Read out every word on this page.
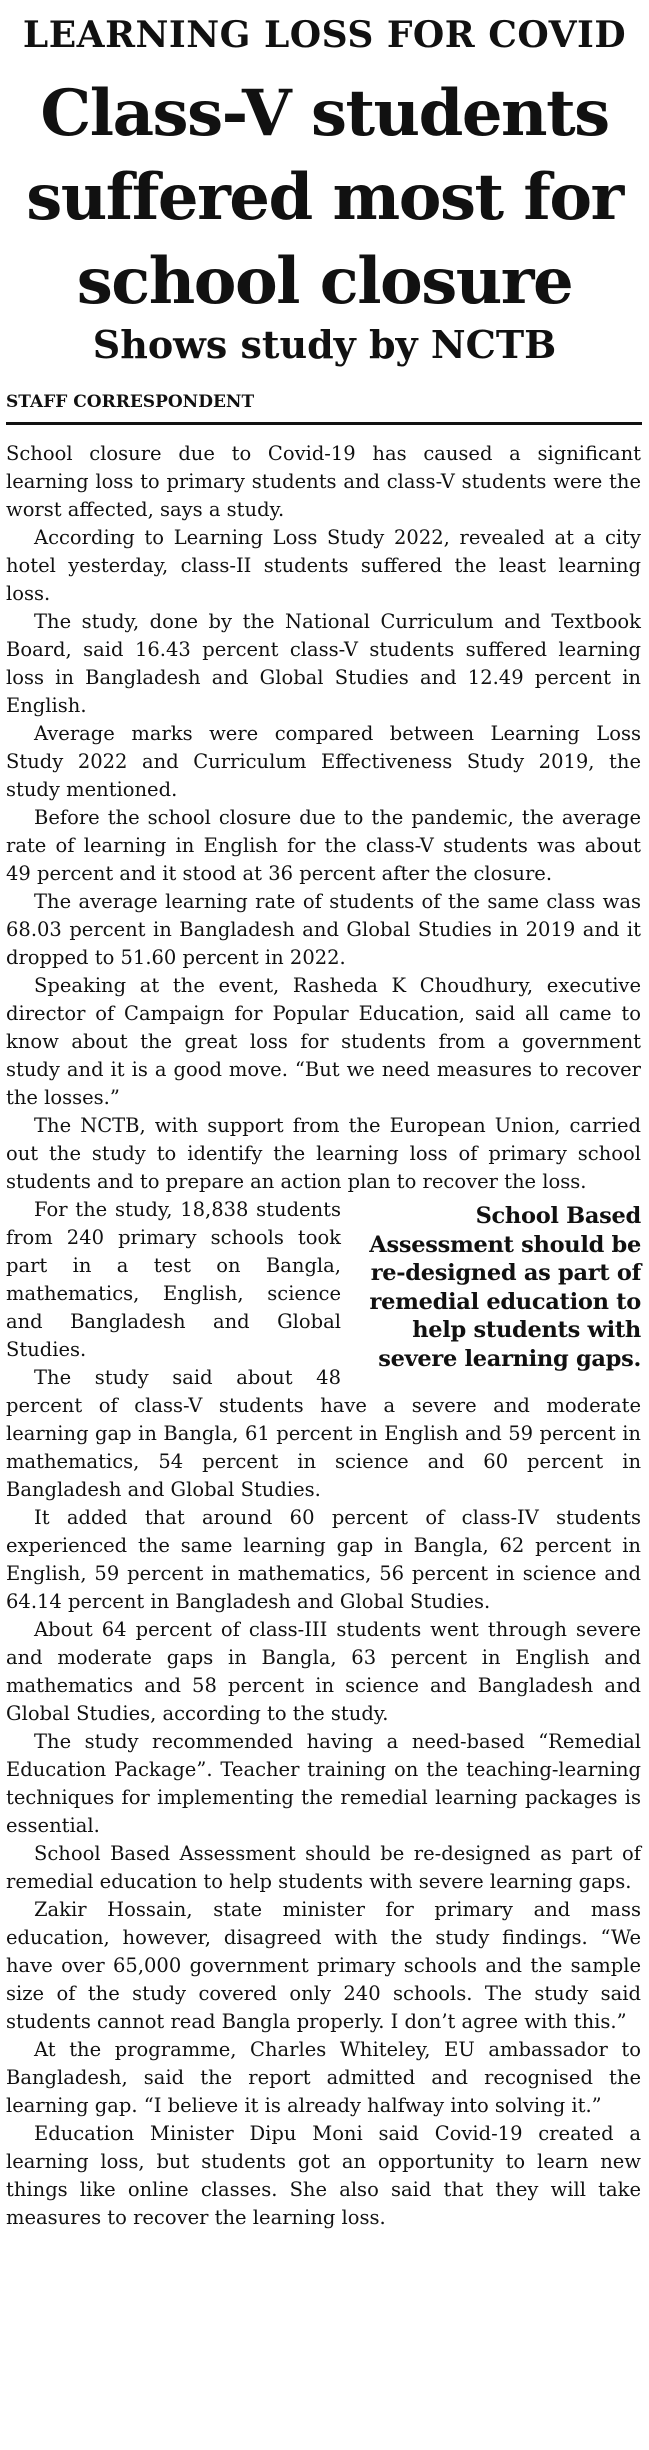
LEARNING LOSS FOR COVID
Class-V students suffered most for school closure
Shows study by NCTB
STAFF CORRESPONDENT

School closure due to Covid-19 has caused a significant learning loss to primary students and class-V students were the worst affected, says a study.

According to Learning Loss Study 2022, revealed at a city hotel yesterday, class-II students suffered the least learning loss.

The study, done by the National Curriculum and Textbook Board, said 16.43 percent class-V students suffered learning loss in Bangladesh and Global Studies and 12.49 percent in English.

Average marks were compared between Learning Loss Study 2022 and Curriculum Effectiveness Study 2019, the study mentioned.

Before the school closure due to the pandemic, the average rate of learning in English for the class-V students was about 49 percent and it stood at 36 percent after the closure.

The average learning rate of students of the same class was 68.03 percent in Bangladesh and Global Studies in 2019 and it dropped to 51.60 percent in 2022.

Speaking at the event, Rasheda K Choudhury, executive director of Campaign for Popular Education, said all came to know about the great loss for students from a government study and it is a good move. “But we need measures to recover the losses.”

The NCTB, with support from the European Union, carried out the study to identify the learning loss of primary school students and to prepare an action plan to recover the loss.

School Based Assessment should be re-designed as part of remedial education to help students with severe learning gaps.

For the study, 18,838 students from 240 primary schools took part in a test on Bangla, mathematics, English, science and Bangladesh and Global Studies.

The study said about 48 percent of class-V students have a severe and moderate learning gap in Bangla, 61 percent in English and 59 percent in mathematics, 54 percent in science and 60 percent in Bangladesh and Global Studies.

It added that around 60 percent of class-IV students experienced the same learning gap in Bangla, 62 percent in English, 59 percent in mathematics, 56 percent in science and 64.14 percent in Bangladesh and Global Studies.

About 64 percent of class-III students went through severe and moderate gaps in Bangla, 63 percent in English and mathematics and 58 percent in science and Bangladesh and Global Studies, according to the study.

The study recommended having a need-based “Remedial Education Package”. Teacher training on the teaching-learning techniques for implementing the remedial learning packages is essential.

School Based Assessment should be re-designed as part of remedial education to help students with severe learning gaps.

Zakir Hossain, state minister for primary and mass education, however, disagreed with the study findings. “We have over 65,000 government primary schools and the sample size of the study covered only 240 schools. The study said students cannot read Bangla properly. I don’t agree with this.”

At the programme, Charles Whiteley, EU ambassador to Bangladesh, said the report admitted and recognised the learning gap. “I believe it is already halfway into solving it.”

Education Minister Dipu Moni said Covid-19 created a learning loss, but students got an opportunity to learn new things like online classes. She also said that they will take measures to recover the learning loss.
